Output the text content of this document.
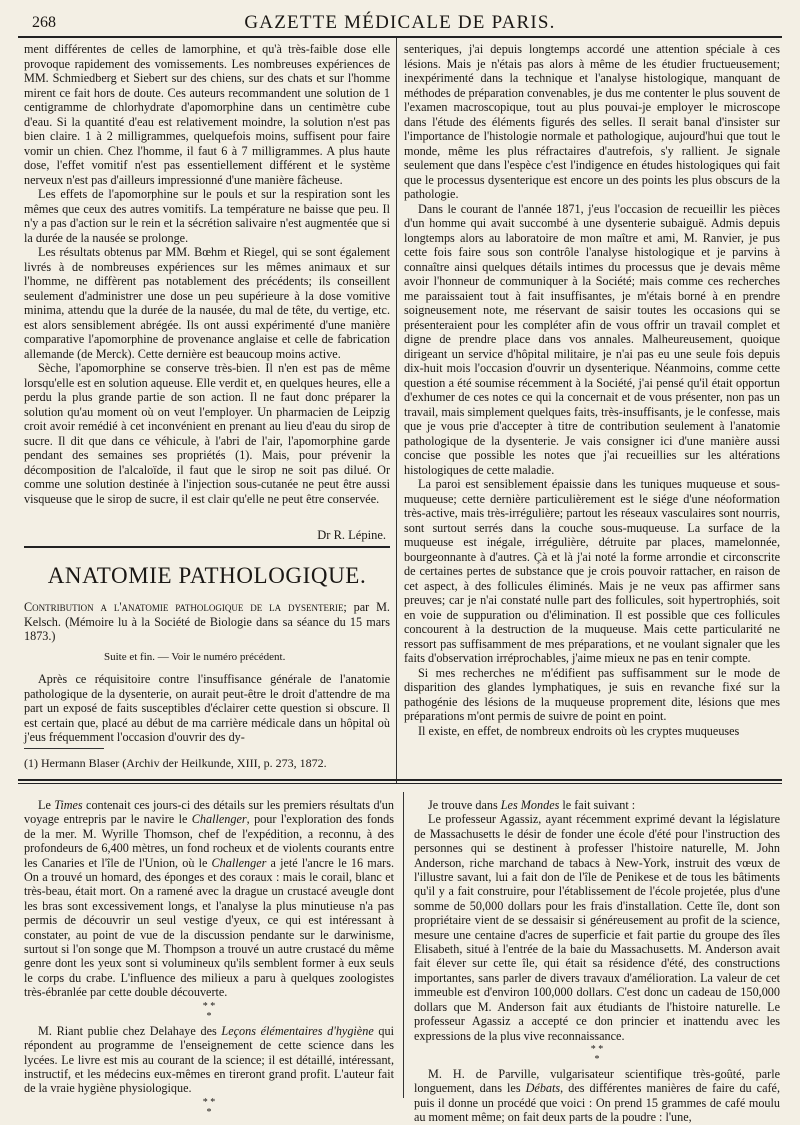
268	GAZETTE MÉDICALE DE PARIS.

ment différentes de celles de lamorphine, et qu'à très-faible dose elle provoque rapidement des vomissements. Les nombreuses expériences de MM. Schmiedberg et Siebert sur des chiens, sur des chats et sur l'homme mirent ce fait hors de doute. Ces auteurs recommandent une solution de 1 centigramme de chlorhydrate d'apomorphine dans un centimètre cube d'eau. Si la quantité d'eau est relativement moindre, la solution n'est pas bien claire. 1 à 2 milligrammes, quelquefois moins, suffisent pour faire vomir un chien. Chez l'homme, il faut 6 à 7 milligrammes. A plus haute dose, l'effet vomitif n'est pas essentiellement différent et le système nerveux n'est pas d'ailleurs impressionné d'une manière fâcheuse.

Les effets de l'apomorphine sur le pouls et sur la respiration sont les mêmes que ceux des autres vomitifs. La température ne baisse que peu. Il n'y a pas d'action sur le rein et la sécrétion salivaire n'est augmentée que si la durée de la nausée se prolonge.

Les résultats obtenus par MM. Bœhm et Riegel, qui se sont également livrés à de nombreuses expériences sur les mêmes animaux et sur l'homme, ne diffèrent pas notablement des précédents; ils conseillent seulement d'administrer une dose un peu supérieure à la dose vomitive minima, attendu que la durée de la nausée, du mal de tête, du vertige, etc. est alors sensiblement abrégée. Ils ont aussi expérimenté d'une manière comparative l'apomorphine de provenance anglaise et celle de fabrication allemande (de Merck). Cette dernière est beaucoup moins active.

Sèche, l'apomorphine se conserve très-bien. Il n'en est pas de même lorsqu'elle est en solution aqueuse. Elle verdit et, en quelques heures, elle a perdu la plus grande partie de son action. Il ne faut donc préparer la solution qu'au moment où on veut l'employer. Un pharmacien de Leipzig croit avoir remédié à cet inconvénient en prenant au lieu d'eau du sirop de sucre. Il dit que dans ce véhicule, à l'abri de l'air, l'apomorphine garde pendant des semaines ses propriétés (1). Mais, pour prévenir la décomposition de l'alcaloïde, il faut que le sirop ne soit pas dilué. Or comme une solution destinée à l'injection sous-cutanée ne peut être aussi visqueuse que le sirop de sucre, il est clair qu'elle ne peut être conservée.

Dr R. Lépine.
ANATOMIE PATHOLOGIQUE.

Contribution a l'anatomie pathologique de la dysenterie; par M. Kelsch. (Mémoire lu à la Société de Biologie dans sa séance du 15 mars 1873.)

Suite et fin. — Voir le numéro précédent.

Après ce réquisitoire contre l'insuffisance générale de l'anatomie pathologique de la dysenterie, on aurait peut-être le droit d'attendre de ma part un exposé de faits susceptibles d'éclairer cette question si obscure. Il est certain que, placé au début de ma carrière médicale dans un hôpital où j'eus fréquemment l'occasion d'ouvrir des dy-

(1) Hermann Blaser (Archiv der Heilkunde, XIII, p. 273, 1872.

senteriques, j'ai depuis longtemps accordé une attention spéciale à ces lésions. Mais je n'étais pas alors à même de les étudier fructueusement; inexpérimenté dans la technique et l'analyse histologique, manquant de méthodes de préparation convenables, je dus me contenter le plus souvent de l'examen macroscopique, tout au plus pouvai-je employer le microscope dans l'étude des éléments figurés des selles. Il serait banal d'insister sur l'importance de l'histologie normale et pathologique, aujourd'hui que tout le monde, même les plus réfractaires d'autrefois, s'y rallient. Je signale seulement que dans l'espèce c'est l'indigence en études histologiques qui fait que le processus dysenterique est encore un des points les plus obscurs de la pathologie.

Dans le courant de l'année 1871, j'eus l'occasion de recueillir les pièces d'un homme qui avait succombé à une dysenterie subaiguë. Admis depuis longtemps alors au laboratoire de mon maître et ami, M. Ranvier, je pus cette fois faire sous son contrôle l'analyse histologique et je parvins à connaître ainsi quelques détails intimes du processus que je devais même avoir l'honneur de communiquer à la Société; mais comme ces recherches me paraissaient tout à fait insuffisantes, je m'étais borné à en prendre soigneusement note, me réservant de saisir toutes les occasions qui se présenteraient pour les compléter afin de vous offrir un travail complet et digne de prendre place dans vos annales. Malheureusement, quoique dirigeant un service d'hôpital militaire, je n'ai pas eu une seule fois depuis dix-huit mois l'occasion d'ouvrir un dysenterique. Néanmoins, comme cette question a été soumise récemment à la Société, j'ai pensé qu'il était opportun d'exhumer de ces notes ce qui la concernait et de vous présenter, non pas un travail, mais simplement quelques faits, très-insuffisants, je le confesse, mais que je vous prie d'accepter à titre de contribution seulement à l'anatomie pathologique de la dysenterie. Je vais consigner ici d'une manière aussi concise que possible les notes que j'ai recueillies sur les altérations histologiques de cette maladie.

La paroi est sensiblement épaissie dans les tuniques muqueuse et sous-muqueuse; cette dernière particulièrement est le siége d'une néoformation très-active, mais très-irrégulière; partout les réseaux vasculaires sont nourris, sont surtout serrés dans la couche sous-muqueuse. La surface de la muqueuse est inégale, irrégulière, détruite par places, mamelonnée, bourgeonnante à d'autres. Çà et là j'ai noté la forme arrondie et circonscrite de certaines pertes de substance que je crois pouvoir rattacher, en raison de cet aspect, à des follicules éliminés. Mais je ne veux pas affirmer sans preuves; car je n'ai constaté nulle part des follicules, soit hypertrophiés, soit en voie de suppuration ou d'élimination. Il est possible que ces follicules concourent à la destruction de la muqueuse. Mais cette particularité ne ressort pas suffisamment de mes préparations, et ne voulant signaler que les faits d'observation irréprochables, j'aime mieux ne pas en tenir compte.

Si mes recherches ne m'édifient pas suffisamment sur le mode de disparition des glandes lymphatiques, je suis en revanche fixé sur la pathogénie des lésions de la muqueuse proprement dite, lésions que mes préparations m'ont permis de suivre de point en point.

Il existe, en effet, de nombreux endroits où les cryptes muqueuses

Le Times contenait ces jours-ci des détails sur les premiers résultats d'un voyage entrepris par le navire le Challenger, pour l'exploration des fonds de la mer. M. Wyrille Thomson, chef de l'expédition, a reconnu, à des profondeurs de 6,400 mètres, un fond rocheux et de violents courants entre les Canaries et l'île de l'Union, où le Challenger a jeté l'ancre le 16 mars. On a trouvé un homard, des éponges et des coraux : mais le corail, blanc et très-beau, était mort. On a ramené avec la drague un crustacé aveugle dont les bras sont excessivement longs, et l'analyse la plus minutieuse n'a pas permis de découvrir un seul vestige d'yeux, ce qui est intéressant à constater, au point de vue de la discussion pendante sur le darwinisme, surtout si l'on songe que M. Thompson a trouvé un autre crustacé du même genre dont les yeux sont si volumineux qu'ils semblent former à eux seuls le corps du crabe. L'influence des milieux a paru à quelques zoologistes très-ébranlée par cette double découverte.

* *
*

M. Riant publie chez Delahaye des Leçons élémentaires d'hygiène qui répondent au programme de l'enseignement de cette science dans les lycées. Le livre est mis au courant de la science; il est détaillé, intéressant, instructif, et les médecins eux-mêmes en tireront grand profit. L'auteur fait de la vraie hygiène physiologique.

* *
*

Je trouve dans Les Mondes le fait suivant :

Le professeur Agassiz, ayant récemment exprimé devant la législature de Massachusetts le désir de fonder une école d'été pour l'instruction des personnes qui se destinent à professer l'histoire naturelle, M. John Anderson, riche marchand de tabacs à New-York, instruit des vœux de l'illustre savant, lui a fait don de l'île de Penikese et de tous les bâtiments qu'il y a fait construire, pour l'établissement de l'école projetée, plus d'une somme de 50,000 dollars pour les frais d'installation. Cette île, dont son propriétaire vient de se dessaisir si généreusement au profit de la science, mesure une centaine d'acres de superficie et fait partie du groupe des îles Elisabeth, situé à l'entrée de la baie du Massachusetts. M. Anderson avait fait élever sur cette île, qui était sa résidence d'été, des constructions importantes, sans parler de divers travaux d'amélioration. La valeur de cet immeuble est d'environ 100,000 dollars. C'est donc un cadeau de 150,000 dollars que M. Anderson fait aux étudiants de l'histoire naturelle. Le professeur Agassiz a accepté ce don princier et inattendu avec les expressions de la plus vive reconnaissance.

* *
*

M. H. de Parville, vulgarisateur scientifique très-goûté, parle longuement, dans les Débats, des différentes manières de faire du café, puis il donne un procédé que voici : On prend 15 grammes de café moulu au moment même; on fait deux parts de la poudre : l'une,
